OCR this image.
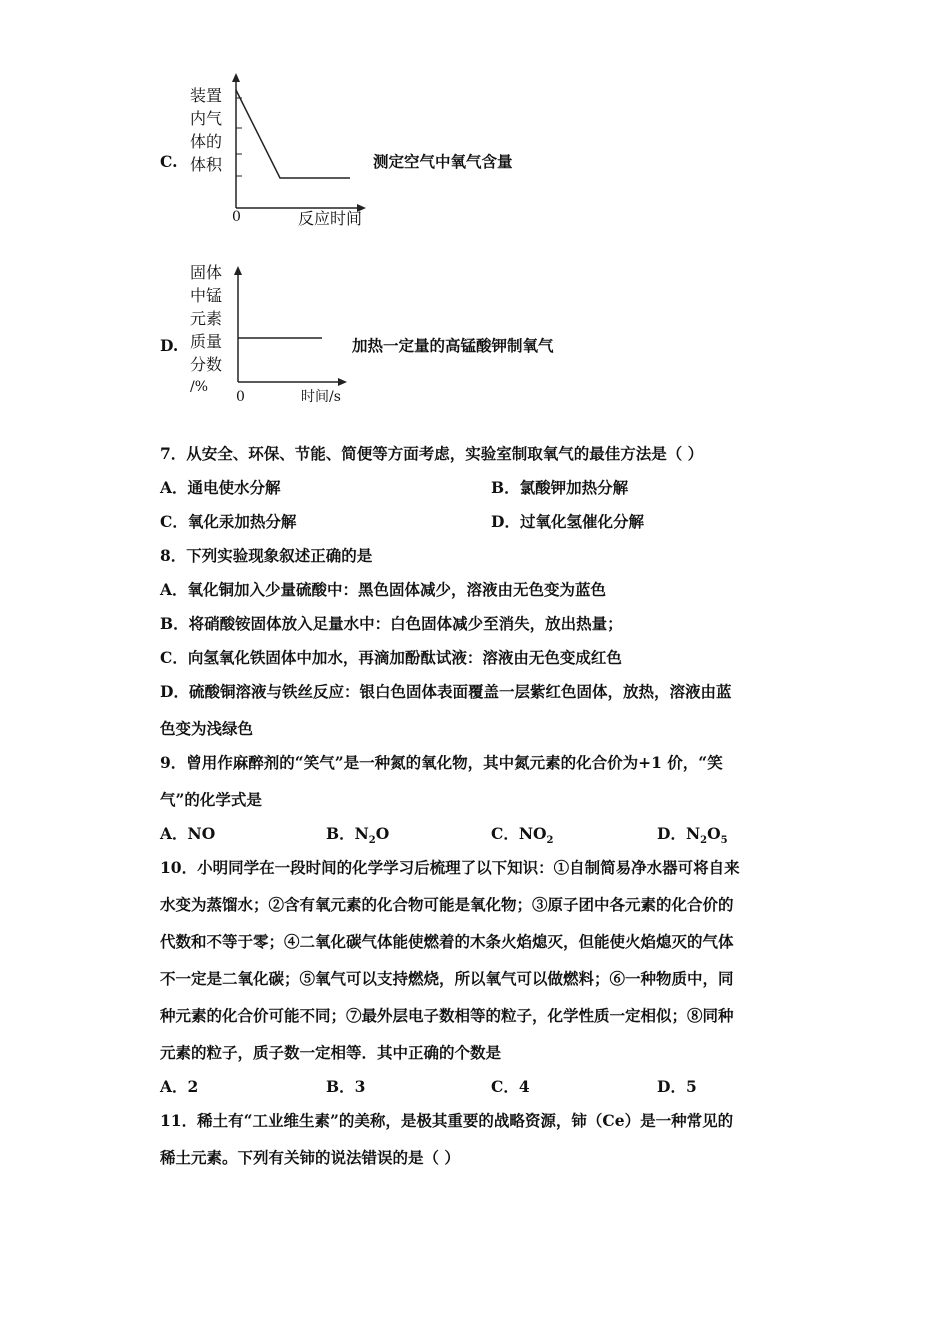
C.
装置
内气
体的
体积
0	反应时间
测定空气中氧气含量
D.
固体
中锰
元素
质量
分数
/%
0	时间/s
加热一定量的高锰酸钾制氧气
7．从安全、环保、节能、简便等方面考虑，实验室制取氧气的最佳方法是（ ）
A．通电使水分解	B．氯酸钾加热分解
C．氧化汞加热分解	D．过氧化氢催化分解
8．下列实验现象叙述正确的是
A．氧化铜加入少量硫酸中：黑色固体减少，溶液由无色变为蓝色
B．将硝酸铵固体放入足量水中：白色固体减少至消失，放出热量；
C．向氢氧化铁固体中加水，再滴加酚酞试液：溶液由无色变成红色
D．硫酸铜溶液与铁丝反应：银白色固体表面覆盖一层紫红色固体，放热，溶液由蓝
色变为浅绿色
9．曾用作麻醉剂的“笑气”是一种氮的氧化物，其中氮元素的化合价为+1 价，“笑
气”的化学式是
A．NO	B．$N_2O$	C．$NO_2$	D．$N_2O_5$
10．小明同学在一段时间的化学学习后梳理了以下知识：①自制简易净水器可将自来
水变为蒸馏水；②含有氧元素的化合物可能是氧化物；③原子团中各元素的化合价的
代数和不等于零；④二氧化碳气体能使燃着的木条火焰熄灭，但能使火焰熄灭的气体
不一定是二氧化碳；⑤氧气可以支持燃烧，所以氧气可以做燃料；⑥一种物质中，同
种元素的化合价可能不同；⑦最外层电子数相等的粒子，化学性质一定相似；⑧同种
元素的粒子，质子数一定相等．其中正确的个数是
A．2	B．3	C．4	D．5
11．稀土有“工业维生素”的美称，是极其重要的战略资源，铈（Ce）是一种常见的
稀土元素。下列有关铈的说法错误的是（ ）
